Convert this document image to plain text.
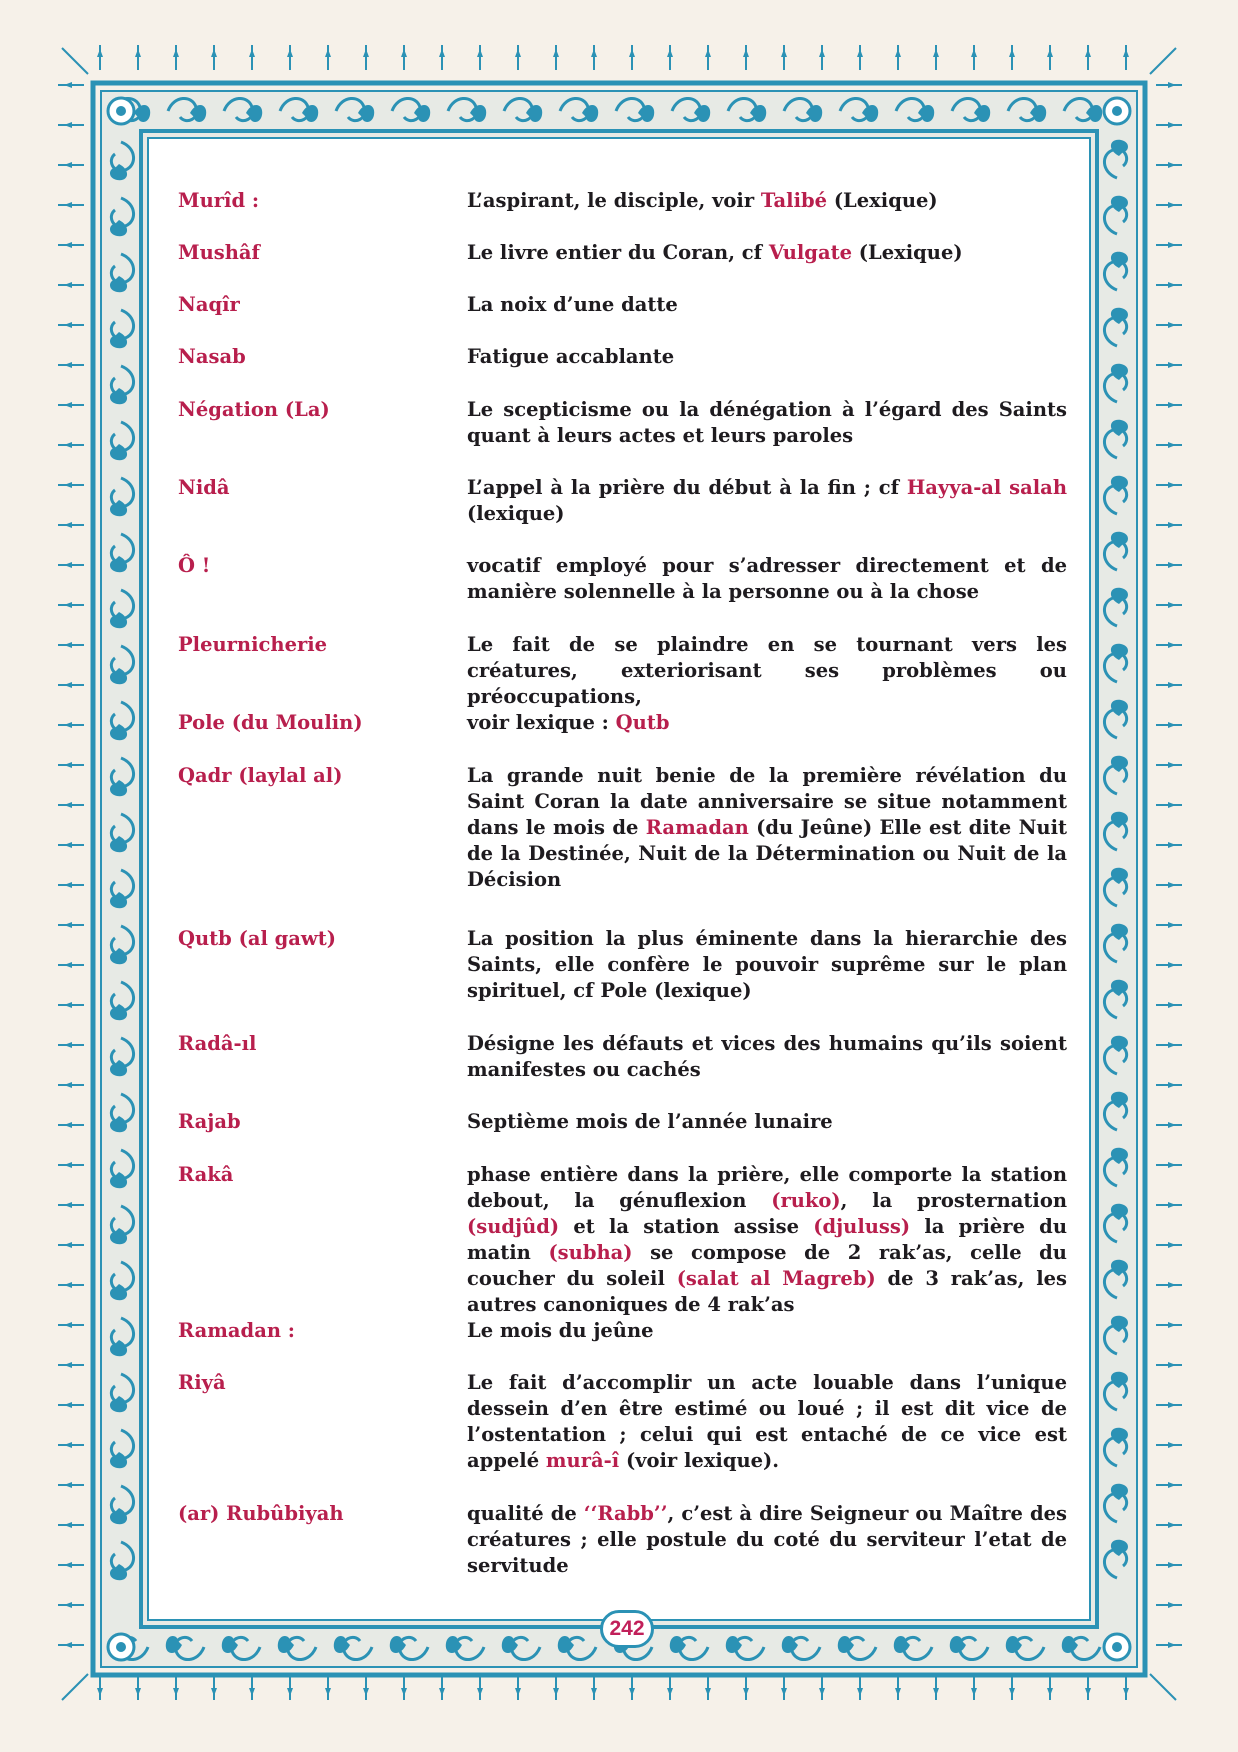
Murîd :	L’aspirant, le disciple, voir Talibé (Lexique)
Mushâf	Le livre entier du Coran, cf Vulgate (Lexique)
Naqîr	La noix d’une datte
Nasab	Fatigue accablante
Négation (La)	Le scepticisme ou la dénégation à l’égard des Saints quant à leurs actes et leurs paroles
Nidâ	L’appel à la prière du début à la fin ; cf Hayya-al salah (lexique)
Ô !	vocatif employé pour s’adresser directement et de manière solennelle à la personne ou à la chose
Pleurnicherie	Le fait de se plaindre en se tournant vers les créatures, exteriorisant ses problèmes ou préoccupations,
Pole (du Moulin)	voir lexique : Qutb
Qadr (laylal al)	La grande nuit benie de la première révélation du Saint Coran la date anniversaire se situe notamment dans le mois de Ramadan (du Jeûne) Elle est dite Nuit de la Destinée, Nuit de la Détermination ou Nuit de la Décision
Qutb (al gawt)	La position la plus éminente dans la hierarchie des Saints, elle confère le pouvoir suprême sur le plan spirituel, cf Pole (lexique)
Radâ-ıl	Désigne les défauts et vices des humains qu’ils soient manifestes ou cachés
Rajab	Septième mois de l’année lunaire
Rakâ	phase entière dans la prière, elle comporte la station debout, la génuflexion (ruko), la prosternation (sudjûd) et la station assise (djuluss) la prière du matin (subha) se compose de 2 rak’as, celle du coucher du soleil (salat al Magreb) de 3 rak’as, les autres canoniques de 4 rak’as
Ramadan :	Le mois du jeûne
Riyâ	Le fait d’accomplir un acte louable dans l’unique dessein d’en être estimé ou loué ; il est dit vice de l’ostentation ; celui qui est entaché de ce vice est appelé murâ-î (voir lexique).
(ar) Rubûbiyah	qualité de ‘‘Rabb’’, c’est à dire Seigneur ou Maître des créatures ; elle postule du coté du serviteur l’etat de servitude
242
